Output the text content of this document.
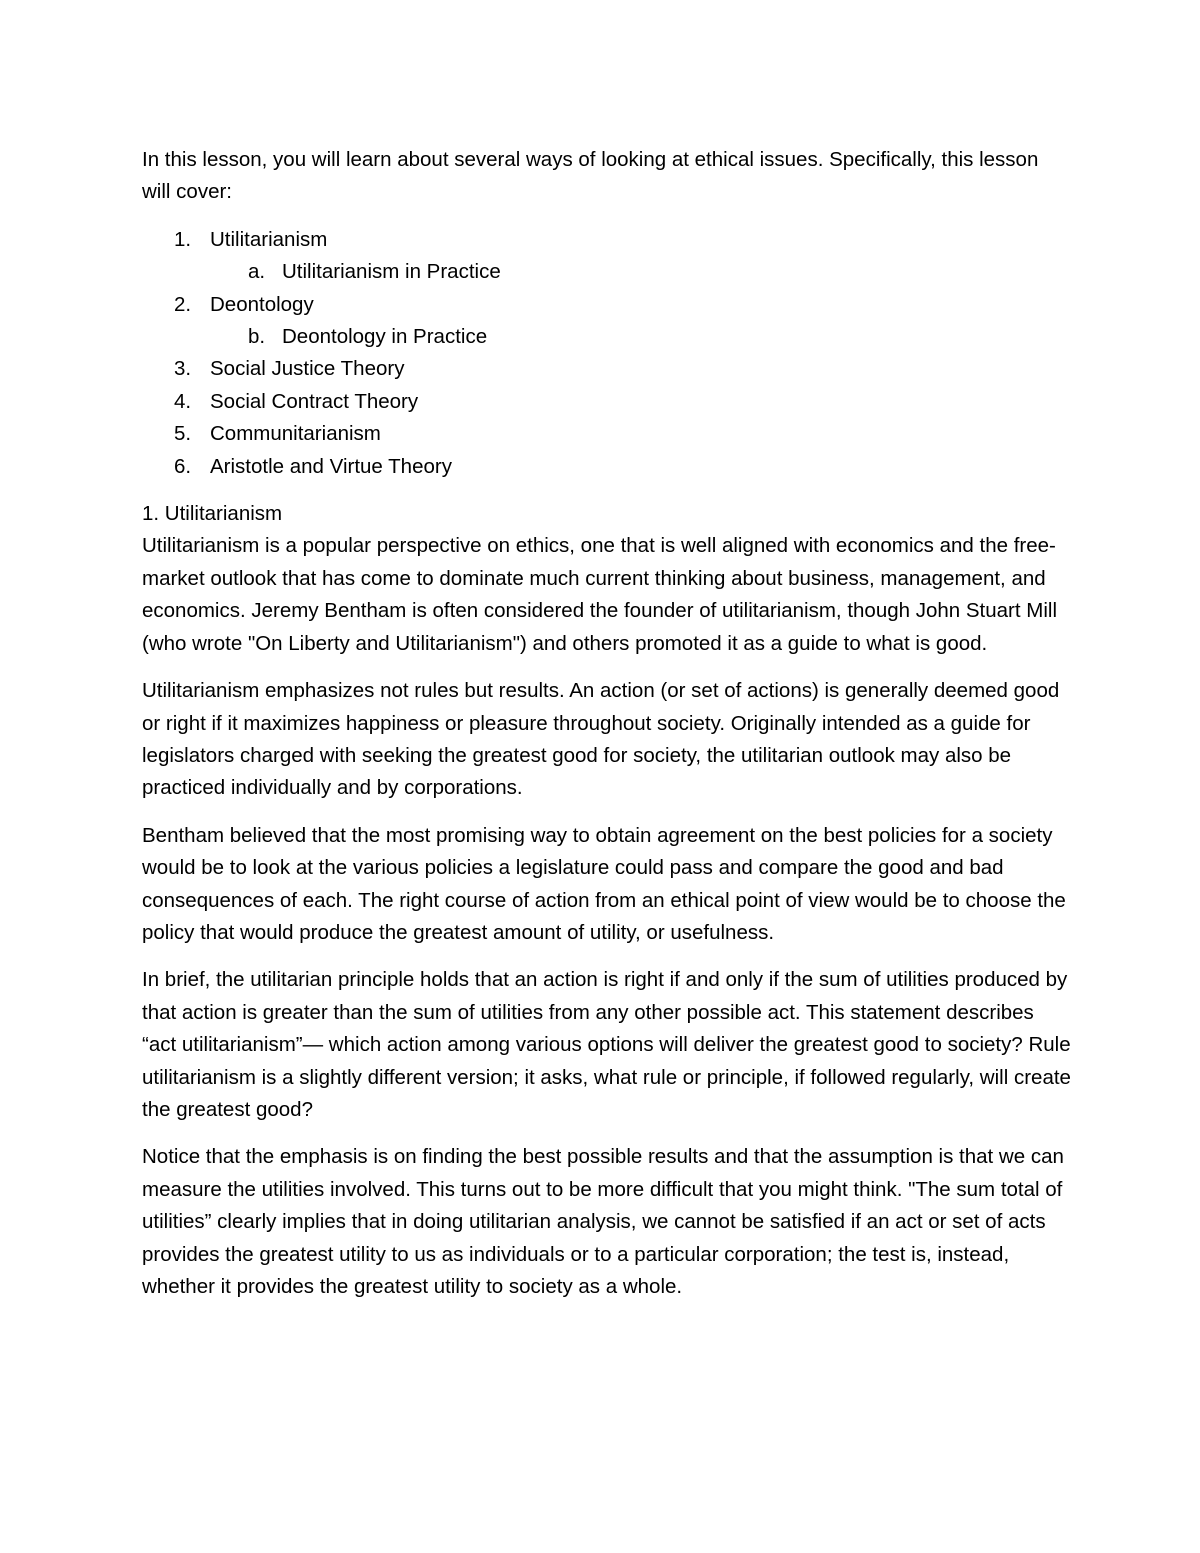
In this lesson, you will learn about several ways of looking at ethical issues. Specifically, this lesson will cover:

1. Utilitarianism
a. Utilitarianism in Practice
2. Deontology
b. Deontology in Practice
3. Social Justice Theory
4. Social Contract Theory
5. Communitarianism
6. Aristotle and Virtue Theory

1. Utilitarianism

Utilitarianism is a popular perspective on ethics, one that is well aligned with economics and the free-market outlook that has come to dominate much current thinking about business, management, and economics. Jeremy Bentham is often considered the founder of utilitarianism, though John Stuart Mill (who wrote "On Liberty and Utilitarianism") and others promoted it as a guide to what is good.

Utilitarianism emphasizes not rules but results. An action (or set of actions) is generally deemed good or right if it maximizes happiness or pleasure throughout society. Originally intended as a guide for legislators charged with seeking the greatest good for society, the utilitarian outlook may also be practiced individually and by corporations.

Bentham believed that the most promising way to obtain agreement on the best policies for a society would be to look at the various policies a legislature could pass and compare the good and bad consequences of each. The right course of action from an ethical point of view would be to choose the policy that would produce the greatest amount of utility, or usefulness.

In brief, the utilitarian principle holds that an action is right if and only if the sum of utilities produced by that action is greater than the sum of utilities from any other possible act. This statement describes “act utilitarianism”— which action among various options will deliver the greatest good to society? Rule utilitarianism is a slightly different version; it asks, what rule or principle, if followed regularly, will create the greatest good?

Notice that the emphasis is on finding the best possible results and that the assumption is that we can measure the utilities involved. This turns out to be more difficult that you might think. "The sum total of utilities” clearly implies that in doing utilitarian analysis, we cannot be satisfied if an act or set of acts provides the greatest utility to us as individuals or to a particular corporation; the test is, instead, whether it provides the greatest utility to society as a whole.
